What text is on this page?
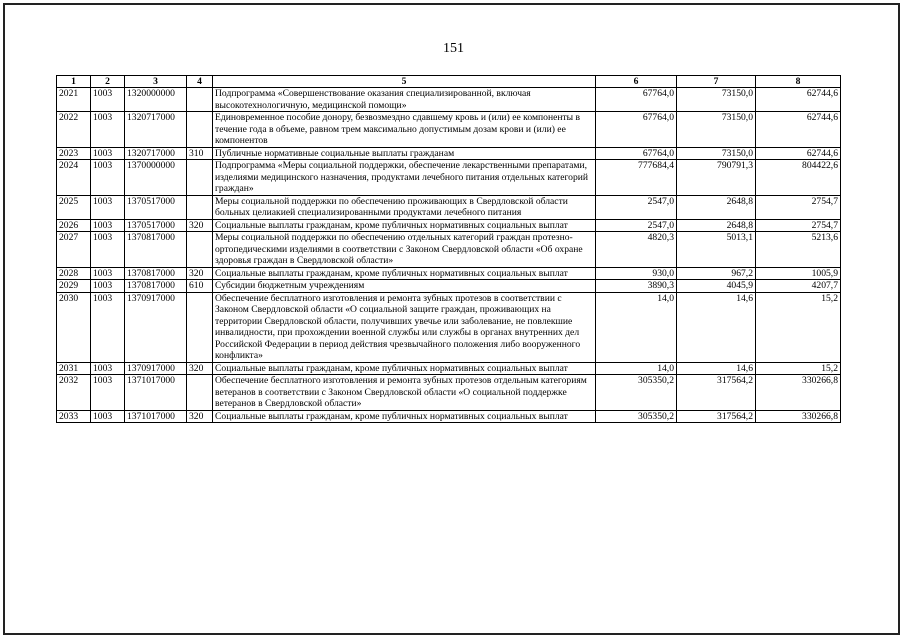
151
1	2	3	4	5	6	7	8
2021	1003	1320000000		Подпрограмма «Совершенствование оказания специализированной, включая высокотехнологичную, медицинской помощи»	67764,0	73150,0	62744,6
2022	1003	1320717000		Единовременное пособие донору, безвозмездно сдавшему кровь и (или) ее компоненты в течение года в объеме, равном трем максимально допустимым дозам крови и (или) ее компонентов	67764,0	73150,0	62744,6
2023	1003	1320717000	310	Публичные нормативные социальные выплаты гражданам	67764,0	73150,0	62744,6
2024	1003	1370000000		Подпрограмма «Меры социальной поддержки, обеспечение лекарственными препаратами, изделиями медицинского назначения, продуктами лечебного питания отдельных категорий граждан»	777684,4	790791,3	804422,6
2025	1003	1370517000		Меры социальной поддержки по обеспечению проживающих в Свердловской области больных целиакией специализированными продуктами лечебного питания	2547,0	2648,8	2754,7
2026	1003	1370517000	320	Социальные выплаты гражданам, кроме публичных нормативных социальных выплат	2547,0	2648,8	2754,7
2027	1003	1370817000		Меры социальной поддержки по обеспечению отдельных категорий граждан протезно-ортопедическими изделиями в соответствии с Законом Свердловской области «Об охране здоровья граждан в Свердловской области»	4820,3	5013,1	5213,6
2028	1003	1370817000	320	Социальные выплаты гражданам, кроме публичных нормативных социальных выплат	930,0	967,2	1005,9
2029	1003	1370817000	610	Субсидии бюджетным учреждениям	3890,3	4045,9	4207,7
2030	1003	1370917000		Обеспечение бесплатного изготовления и ремонта зубных протезов в соответствии с Законом Свердловской области «О социальной защите граждан, проживающих на территории Свердловской области, получивших увечье или заболевание, не повлекшие инвалидности, при прохождении военной службы или службы в органах внутренних дел Российской Федерации в период действия чрезвычайного положения либо вооруженного конфликта»	14,0	14,6	15,2
2031	1003	1370917000	320	Социальные выплаты гражданам, кроме публичных нормативных социальных выплат	14,0	14,6	15,2
2032	1003	1371017000		Обеспечение бесплатного изготовления и ремонта зубных протезов отдельным категориям ветеранов в соответствии с Законом Свердловской области «О социальной поддержке ветеранов в Свердловской области»	305350,2	317564,2	330266,8
2033	1003	1371017000	320	Социальные выплаты гражданам, кроме публичных нормативных социальных выплат	305350,2	317564,2	330266,8
